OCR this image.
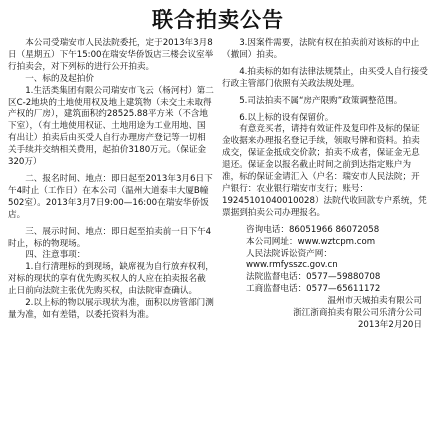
联合拍卖公告

本公司受瑞安市人民法院委托，定于2013年3月8日（星期五）下午15:00在瑞安华侨饭店三楼会议室举行拍卖会，对下列标的进行公开拍卖。

一、标的及起拍价

1.生活类集团有限公司瑞安市飞云（杨河村）第二区C-2地块的土地使用权及地上建筑物（未交土未取得产权的厂房），建筑面积约28525.88平方米（不含地下室），（有土地使用权证、土地用途为工业用地、国有出让）拍卖后由买受人自行办理房产登记等一切相关手续并交纳相关费用，起拍价3180万元。（保证金320万）

二、报名时间、地点：即日起至2013年3月6日下午4时止（工作日）在本公司（温州大道泰丰大厦B幢502室）。2013年3月7日9:00—16:00在瑞安华侨饭店。

三、展示时间、地点：即日起至拍卖前一日下午4时止，标的物现场。

四、注意事项：

1.自行清理标的到现场，缺席视为自行放弃权利，对标的现状的享有优先购买权人的人应在拍卖报名截止日前向法院主张优先购买权，由法院审查确认。

2.以上标的物以展示现状为准，面积以房管部门测量为准，如有差错，以委托资料为准。

3.因案件需要，法院有权在拍卖前对该标的中止（撤回）拍卖。

4.拍卖标的如有法律法规禁止，由买受人自行接受行政主管部门依照有关政法规处理。

5.司法拍卖不属“房产限购”政策调整范围。

6.以上标的设有保留价。

有意竞买者，请持有效证件及复印件及标的保证金收据来办理报名登记手续，领取号牌和资料。拍卖成交，保证金抵成交价款；拍卖不成者，保证金无息退还。保证金以报名截止时间之前到达指定账户为准，标的保证金请汇入（户名：瑞安市人民法院；开户银行：农业银行瑞安市支行；账号：19245101040010028）法院代收回款专户系统，凭票据到拍卖公司办理报名。

咨询电话：86051966 86072058

本公司网址：www.wztcpm.com

人民法院诉讼资产网：

www.rmfysszc.gov.cn

法院监督电话：0577—59880708

工商监督电话：0577—65611172

温州市天城拍卖有限公司

浙江浙商拍卖有限公司乐清分公司

2013年2月20日
